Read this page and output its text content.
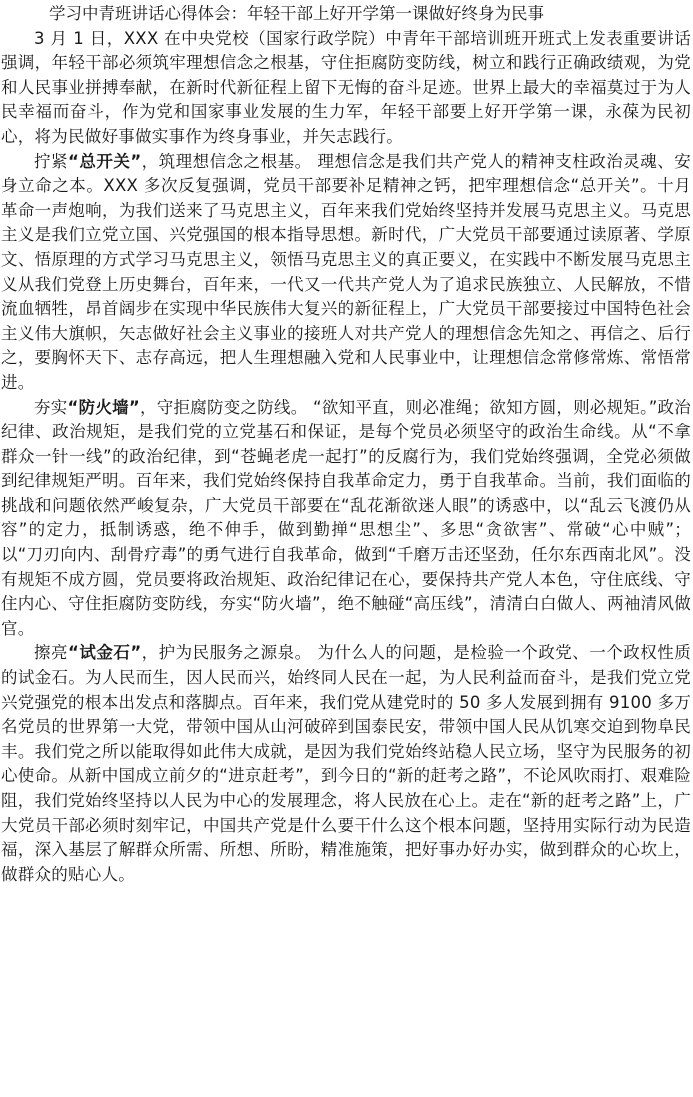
学习中青班讲话心得体会：年轻干部上好开学第一课做好终身为民事

3 月 1 日，XXX 在中央党校（国家行政学院）中青年干部培训班开班式上发表重要讲话强调，年轻干部必须筑牢理想信念之根基，守住拒腐防变防线，树立和践行正确政绩观，为党和人民事业拼搏奉献，在新时代新征程上留下无悔的奋斗足迹。世界上最大的幸福莫过于为人民幸福而奋斗，作为党和国家事业发展的生力军，年轻干部要上好开学第一课，永葆为民初心，将为民做好事做实事作为终身事业，并矢志践行。

拧紧“总开关”，筑理想信念之根基。 理想信念是我们共产党人的精神支柱政治灵魂、安身立命之本。XXX 多次反复强调，党员干部要补足精神之钙，把牢理想信念“总开关”。十月革命一声炮响，为我们送来了马克思主义，百年来我们党始终坚持并发展马克思主义。马克思主义是我们立党立国、兴党强国的根本指导思想。新时代，广大党员干部要通过读原著、学原文、悟原理的方式学习马克思主义，领悟马克思主义的真正要义，在实践中不断发展马克思主义从我们党登上历史舞台，百年来，一代又一代共产党人为了追求民族独立、人民解放，不惜流血牺牲，昂首阔步在实现中华民族伟大复兴的新征程上，广大党员干部要接过中国特色社会主义伟大旗帜，矢志做好社会主义事业的接班人对共产党人的理想信念先知之、再信之、后行之，要胸怀天下、志存高远，把人生理想融入党和人民事业中，让理想信念常修常炼、常悟常进。

夯实“防火墙”，守拒腐防变之防线。 “欲知平直，则必准绳；欲知方圆，则必规矩。”政治纪律、政治规矩，是我们党的立党基石和保证，是每个党员必须坚守的政治生命线。从“不拿群众一针一线”的政治纪律，到“苍蝇老虎一起打”的反腐行为，我们党始终强调，全党必须做到纪律规矩严明。百年来，我们党始终保持自我革命定力，勇于自我革命。当前，我们面临的挑战和问题依然严峻复杂，广大党员干部要在“乱花渐欲迷人眼”的诱惑中，以“乱云飞渡仍从容”的定力，抵制诱惑，绝不伸手，做到勤掸“思想尘”、多思“贪欲害”、常破“心中贼”；以“刀刃向内、刮骨疗毒”的勇气进行自我革命，做到“千磨万击还坚劲，任尔东西南北风”。没有规矩不成方圆，党员要将政治规矩、政治纪律记在心，要保持共产党人本色，守住底线、守住内心、守住拒腐防变防线，夯实“防火墙”，绝不触碰“高压线”，清清白白做人、两袖清风做官。

擦亮“试金石”，护为民服务之源泉。 为什么人的问题，是检验一个政党、一个政权性质的试金石。为人民而生，因人民而兴，始终同人民在一起，为人民利益而奋斗，是我们党立党兴党强党的根本出发点和落脚点。百年来，我们党从建党时的 50 多人发展到拥有 9100 多万名党员的世界第一大党，带领中国从山河破碎到国泰民安，带领中国人民从饥寒交迫到物阜民丰。我们党之所以能取得如此伟大成就，是因为我们党始终站稳人民立场，坚守为民服务的初心使命。从新中国成立前夕的“进京赶考”，到今日的“新的赶考之路”，不论风吹雨打、艰难险阻，我们党始终坚持以人民为中心的发展理念，将人民放在心上。走在“新的赶考之路”上，广大党员干部必须时刻牢记，中国共产党是什么要干什么这个根本问题，坚持用实际行动为民造福，深入基层了解群众所需、所想、所盼，精准施策，把好事办好办实，做到群众的心坎上，做群众的贴心人。
